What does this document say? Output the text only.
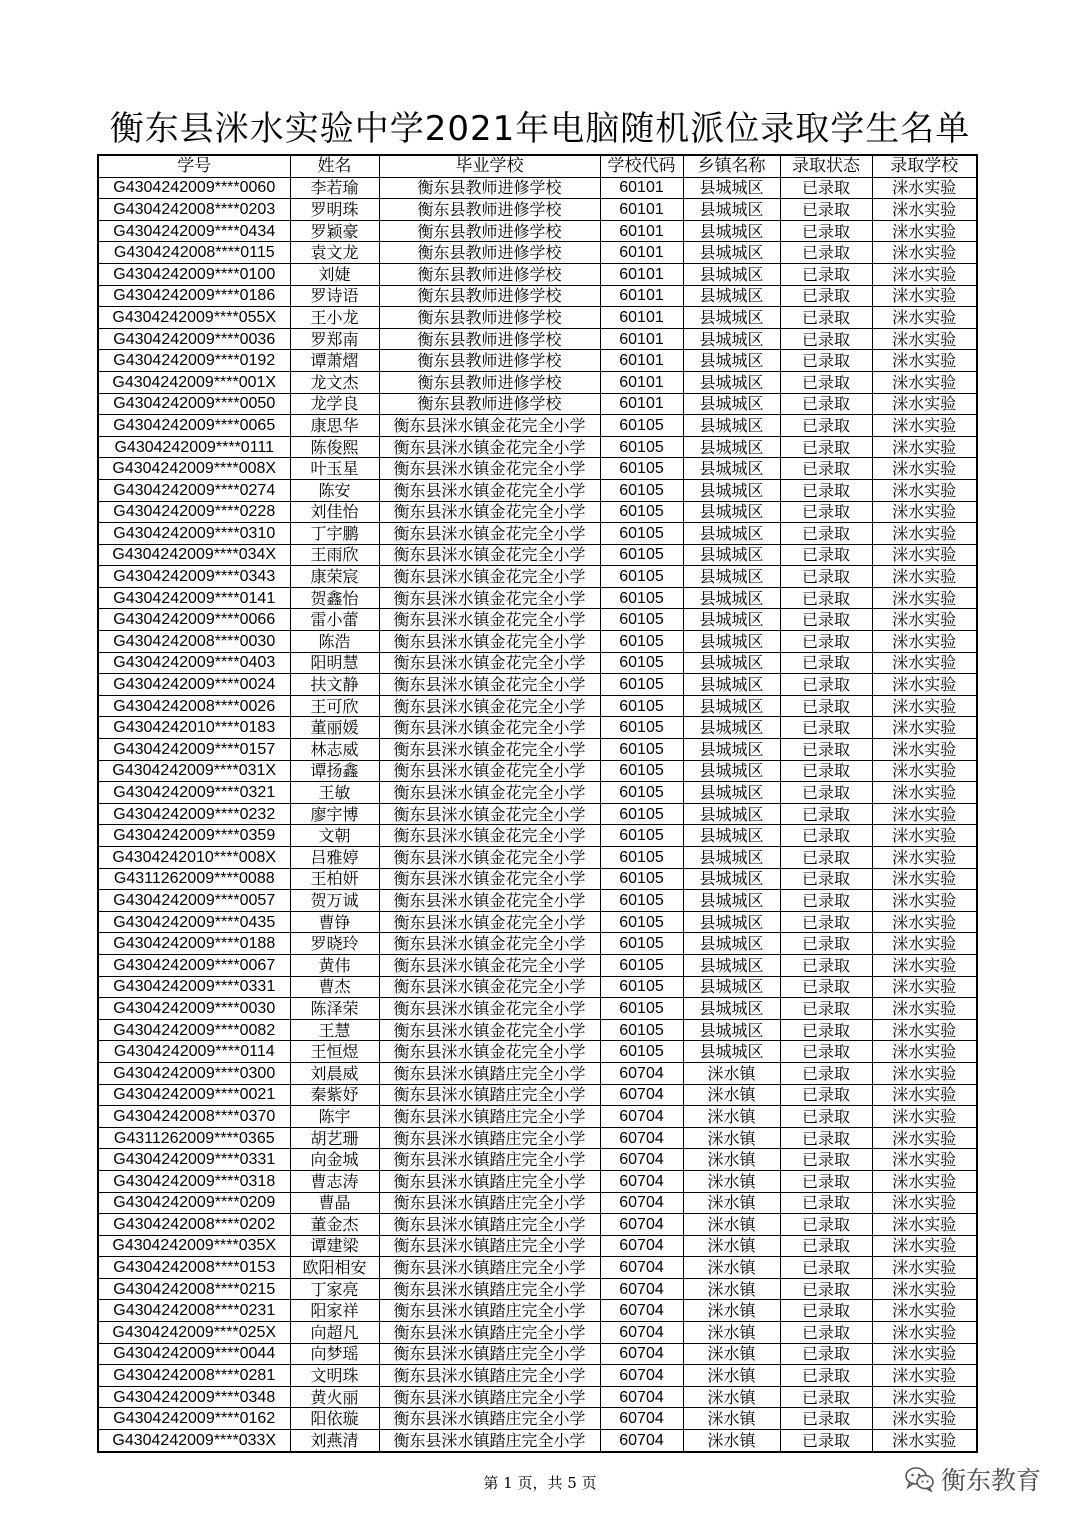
衡东县洣水实验中学2021年电脑随机派位录取学生名单
学号	姓名	毕业学校	学校代码	乡镇名称	录取状态	录取学校
G4304242009****0060	李若瑜	衡东县教师进修学校	60101	县城城区	已录取	洣水实验
G4304242008****0203	罗明珠	衡东县教师进修学校	60101	县城城区	已录取	洣水实验
G4304242009****0434	罗颖豪	衡东县教师进修学校	60101	县城城区	已录取	洣水实验
G4304242008****0115	袁文龙	衡东县教师进修学校	60101	县城城区	已录取	洣水实验
G4304242009****0100	刘婕	衡东县教师进修学校	60101	县城城区	已录取	洣水实验
G4304242009****0186	罗诗语	衡东县教师进修学校	60101	县城城区	已录取	洣水实验
G4304242009****055X	王小龙	衡东县教师进修学校	60101	县城城区	已录取	洣水实验
G4304242009****0036	罗郑南	衡东县教师进修学校	60101	县城城区	已录取	洣水实验
G4304242009****0192	谭萧熠	衡东县教师进修学校	60101	县城城区	已录取	洣水实验
G4304242009****001X	龙文杰	衡东县教师进修学校	60101	县城城区	已录取	洣水实验
G4304242009****0050	龙学良	衡东县教师进修学校	60101	县城城区	已录取	洣水实验
G4304242009****0065	康思华	衡东县洣水镇金花完全小学	60105	县城城区	已录取	洣水实验
G4304242009****0111	陈俊熙	衡东县洣水镇金花完全小学	60105	县城城区	已录取	洣水实验
G4304242009****008X	叶玉星	衡东县洣水镇金花完全小学	60105	县城城区	已录取	洣水实验
G4304242009****0274	陈安	衡东县洣水镇金花完全小学	60105	县城城区	已录取	洣水实验
G4304242009****0228	刘佳怡	衡东县洣水镇金花完全小学	60105	县城城区	已录取	洣水实验
G4304242009****0310	丁宇鹏	衡东县洣水镇金花完全小学	60105	县城城区	已录取	洣水实验
G4304242009****034X	王雨欣	衡东县洣水镇金花完全小学	60105	县城城区	已录取	洣水实验
G4304242009****0343	康荣宸	衡东县洣水镇金花完全小学	60105	县城城区	已录取	洣水实验
G4304242009****0141	贺鑫怡	衡东县洣水镇金花完全小学	60105	县城城区	已录取	洣水实验
G4304242009****0066	雷小蕾	衡东县洣水镇金花完全小学	60105	县城城区	已录取	洣水实验
G4304242008****0030	陈浩	衡东县洣水镇金花完全小学	60105	县城城区	已录取	洣水实验
G4304242009****0403	阳明慧	衡东县洣水镇金花完全小学	60105	县城城区	已录取	洣水实验
G4304242009****0024	扶文静	衡东县洣水镇金花完全小学	60105	县城城区	已录取	洣水实验
G4304242008****0026	王可欣	衡东县洣水镇金花完全小学	60105	县城城区	已录取	洣水实验
G4304242010****0183	董丽媛	衡东县洣水镇金花完全小学	60105	县城城区	已录取	洣水实验
G4304242009****0157	林志威	衡东县洣水镇金花完全小学	60105	县城城区	已录取	洣水实验
G4304242009****031X	谭扬鑫	衡东县洣水镇金花完全小学	60105	县城城区	已录取	洣水实验
G4304242009****0321	王敏	衡东县洣水镇金花完全小学	60105	县城城区	已录取	洣水实验
G4304242009****0232	廖宇博	衡东县洣水镇金花完全小学	60105	县城城区	已录取	洣水实验
G4304242009****0359	文朝	衡东县洣水镇金花完全小学	60105	县城城区	已录取	洣水实验
G4304242010****008X	吕雅婷	衡东县洣水镇金花完全小学	60105	县城城区	已录取	洣水实验
G4311262009****0088	王柏妍	衡东县洣水镇金花完全小学	60105	县城城区	已录取	洣水实验
G4304242009****0057	贺万诚	衡东县洣水镇金花完全小学	60105	县城城区	已录取	洣水实验
G4304242009****0435	曹铮	衡东县洣水镇金花完全小学	60105	县城城区	已录取	洣水实验
G4304242009****0188	罗晓玲	衡东县洣水镇金花完全小学	60105	县城城区	已录取	洣水实验
G4304242009****0067	黄伟	衡东县洣水镇金花完全小学	60105	县城城区	已录取	洣水实验
G4304242009****0331	曹杰	衡东县洣水镇金花完全小学	60105	县城城区	已录取	洣水实验
G4304242009****0030	陈泽荣	衡东县洣水镇金花完全小学	60105	县城城区	已录取	洣水实验
G4304242009****0082	王慧	衡东县洣水镇金花完全小学	60105	县城城区	已录取	洣水实验
G4304242009****0114	王恒煜	衡东县洣水镇金花完全小学	60105	县城城区	已录取	洣水实验
G4304242009****0300	刘晨威	衡东县洣水镇踏庄完全小学	60704	洣水镇	已录取	洣水实验
G4304242009****0021	秦紫妤	衡东县洣水镇踏庄完全小学	60704	洣水镇	已录取	洣水实验
G4304242008****0370	陈宇	衡东县洣水镇踏庄完全小学	60704	洣水镇	已录取	洣水实验
G4311262009****0365	胡艺珊	衡东县洣水镇踏庄完全小学	60704	洣水镇	已录取	洣水实验
G4304242009****0331	向金城	衡东县洣水镇踏庄完全小学	60704	洣水镇	已录取	洣水实验
G4304242009****0318	曹志涛	衡东县洣水镇踏庄完全小学	60704	洣水镇	已录取	洣水实验
G4304242009****0209	曹晶	衡东县洣水镇踏庄完全小学	60704	洣水镇	已录取	洣水实验
G4304242008****0202	董金杰	衡东县洣水镇踏庄完全小学	60704	洣水镇	已录取	洣水实验
G4304242009****035X	谭建梁	衡东县洣水镇踏庄完全小学	60704	洣水镇	已录取	洣水实验
G4304242008****0153	欧阳相安	衡东县洣水镇踏庄完全小学	60704	洣水镇	已录取	洣水实验
G4304242008****0215	丁家亮	衡东县洣水镇踏庄完全小学	60704	洣水镇	已录取	洣水实验
G4304242008****0231	阳家祥	衡东县洣水镇踏庄完全小学	60704	洣水镇	已录取	洣水实验
G4304242009****025X	向超凡	衡东县洣水镇踏庄完全小学	60704	洣水镇	已录取	洣水实验
G4304242009****0044	向梦瑶	衡东县洣水镇踏庄完全小学	60704	洣水镇	已录取	洣水实验
G4304242008****0281	文明珠	衡东县洣水镇踏庄完全小学	60704	洣水镇	已录取	洣水实验
G4304242009****0348	黄火丽	衡东县洣水镇踏庄完全小学	60704	洣水镇	已录取	洣水实验
G4304242009****0162	阳依璇	衡东县洣水镇踏庄完全小学	60704	洣水镇	已录取	洣水实验
G4304242009****033X	刘燕清	衡东县洣水镇踏庄完全小学	60704	洣水镇	已录取	洣水实验
第 1 页，共 5 页	衡东教育
